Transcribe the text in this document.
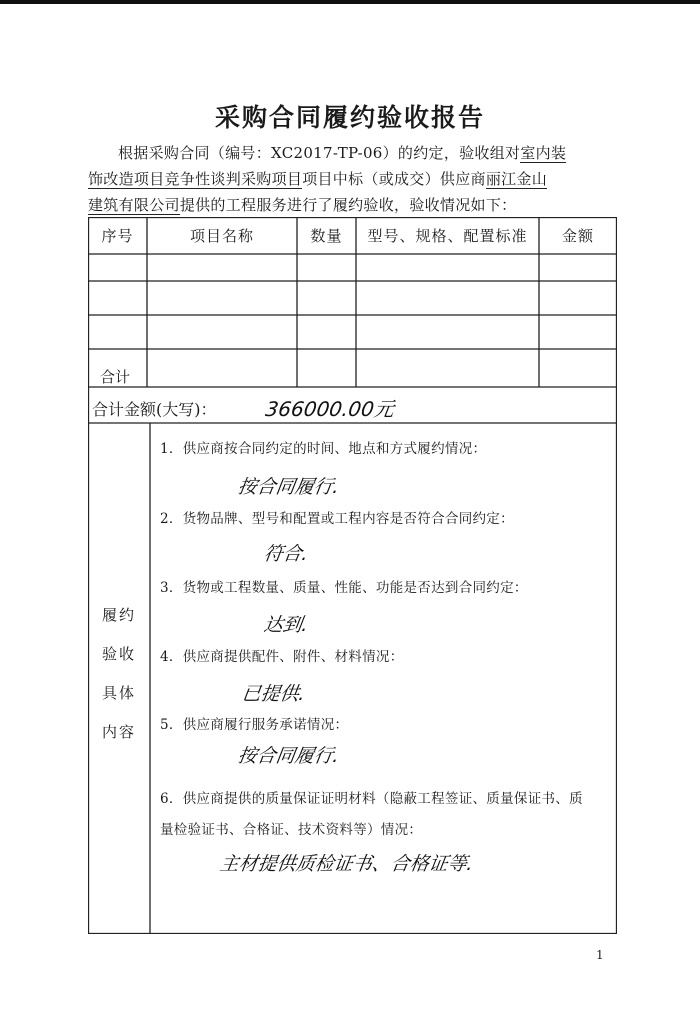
采购合同履约验收报告

根据采购合同（编号：XC2017-TP-06）的约定，验收组对室内装

饰改造项目竞争性谈判采购项目项目中标（或成交）供应商丽江金山

建筑有限公司提供的工程服务进行了履约验收，验收情况如下：

序号	项目名称	数量	型号、规格、配置标准	金额
合计
合计金额(大写)： 366000.00元
履约
验收
具体
内容
1．供应商按合同约定的时间、地点和方式履约情况：
按合同履行.
2．货物品牌、型号和配置或工程内容是否符合合同约定：
符合.
3．货物或工程数量、质量、性能、功能是否达到合同约定：
达到.
4．供应商提供配件、附件、材料情况：
已提供.
5．供应商履行服务承诺情况：
按合同履行.
6．供应商提供的质量保证证明材料（隐蔽工程签证、质量保证书、质
量检验证书、合格证、技术资料等）情况：
主材提供质检证书、合格证等.
1
